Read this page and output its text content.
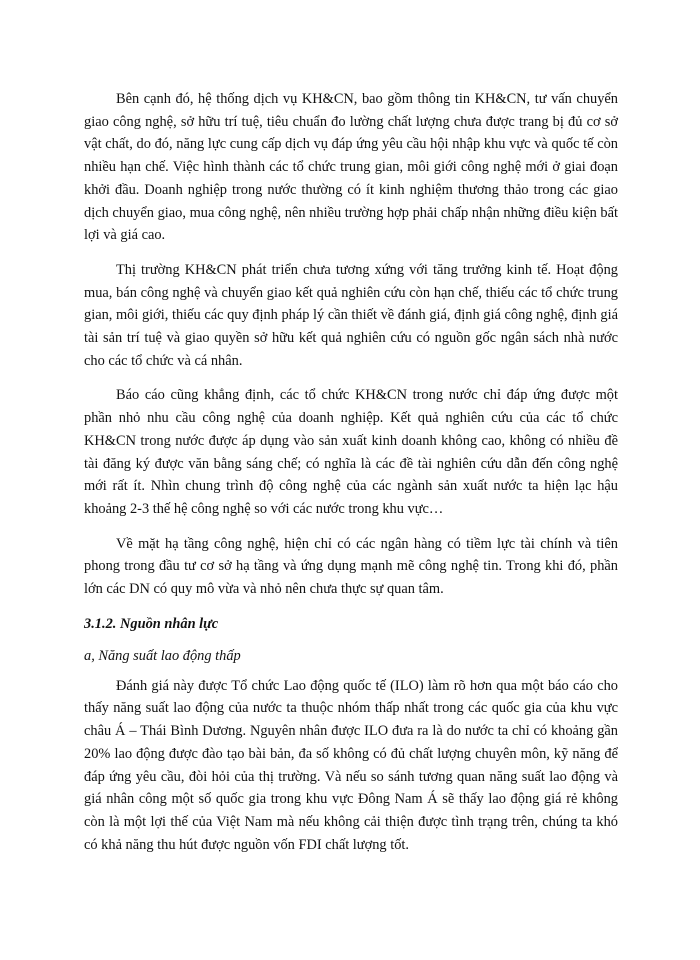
Bên cạnh đó, hệ thống dịch vụ KH&CN, bao gồm thông tin KH&CN, tư vấn chuyển giao công nghệ, sở hữu trí tuệ, tiêu chuẩn đo lường chất lượng chưa được trang bị đủ cơ sở vật chất, do đó, năng lực cung cấp dịch vụ đáp ứng yêu cầu hội nhập khu vực và quốc tế còn nhiều hạn chế. Việc hình thành các tổ chức trung gian, môi giới công nghệ mới ở giai đoạn khởi đầu. Doanh nghiệp trong nước thường có ít kinh nghiệm thương thảo trong các giao dịch chuyển giao, mua công nghệ, nên nhiều trường hợp phải chấp nhận những điều kiện bất lợi và giá cao.

Thị trường KH&CN phát triển chưa tương xứng với tăng trưởng kinh tế. Hoạt động mua, bán công nghệ và chuyển giao kết quả nghiên cứu còn hạn chế, thiếu các tổ chức trung gian, môi giới, thiếu các quy định pháp lý cần thiết về đánh giá, định giá công nghệ, định giá tài sản trí tuệ và giao quyền sở hữu kết quả nghiên cứu có nguồn gốc ngân sách nhà nước cho các tổ chức và cá nhân.

Báo cáo cũng khẳng định, các tổ chức KH&CN trong nước chỉ đáp ứng được một phần nhỏ nhu cầu công nghệ của doanh nghiệp. Kết quả nghiên cứu của các tổ chức KH&CN trong nước được áp dụng vào sản xuất kinh doanh không cao, không có nhiều đề tài đăng ký được văn bằng sáng chế; có nghĩa là các đề tài nghiên cứu dẫn đến công nghệ mới rất ít. Nhìn chung trình độ công nghệ của các ngành sản xuất nước ta hiện lạc hậu khoảng 2-3 thế hệ công nghệ so với các nước trong khu vực…

Về mặt hạ tầng công nghệ, hiện chỉ có các ngân hàng có tiềm lực tài chính và tiên phong trong đầu tư cơ sở hạ tầng và ứng dụng mạnh mẽ công nghệ tin. Trong khi đó, phần lớn các DN có quy mô vừa và nhỏ nên chưa thực sự quan tâm.

3.1.2. Nguồn nhân lực
a, Năng suất lao động thấp

Đánh giá này được Tổ chức Lao động quốc tế (ILO) làm rõ hơn qua một báo cáo cho thấy năng suất lao động của nước ta thuộc nhóm thấp nhất trong các quốc gia của khu vực châu Á – Thái Bình Dương. Nguyên nhân được ILO đưa ra là do nước ta chỉ có khoảng gần 20% lao động được đào tạo bài bản, đa số không có đủ chất lượng chuyên môn, kỹ năng để đáp ứng yêu cầu, đòi hỏi của thị trường. Và nếu so sánh tương quan năng suất lao động và giá nhân công một số quốc gia trong khu vực Đông Nam Á sẽ thấy lao động giá rẻ không còn là một lợi thế của Việt Nam mà nếu không cải thiện được tình trạng trên, chúng ta khó có khả năng thu hút được nguồn vốn FDI chất lượng tốt.
